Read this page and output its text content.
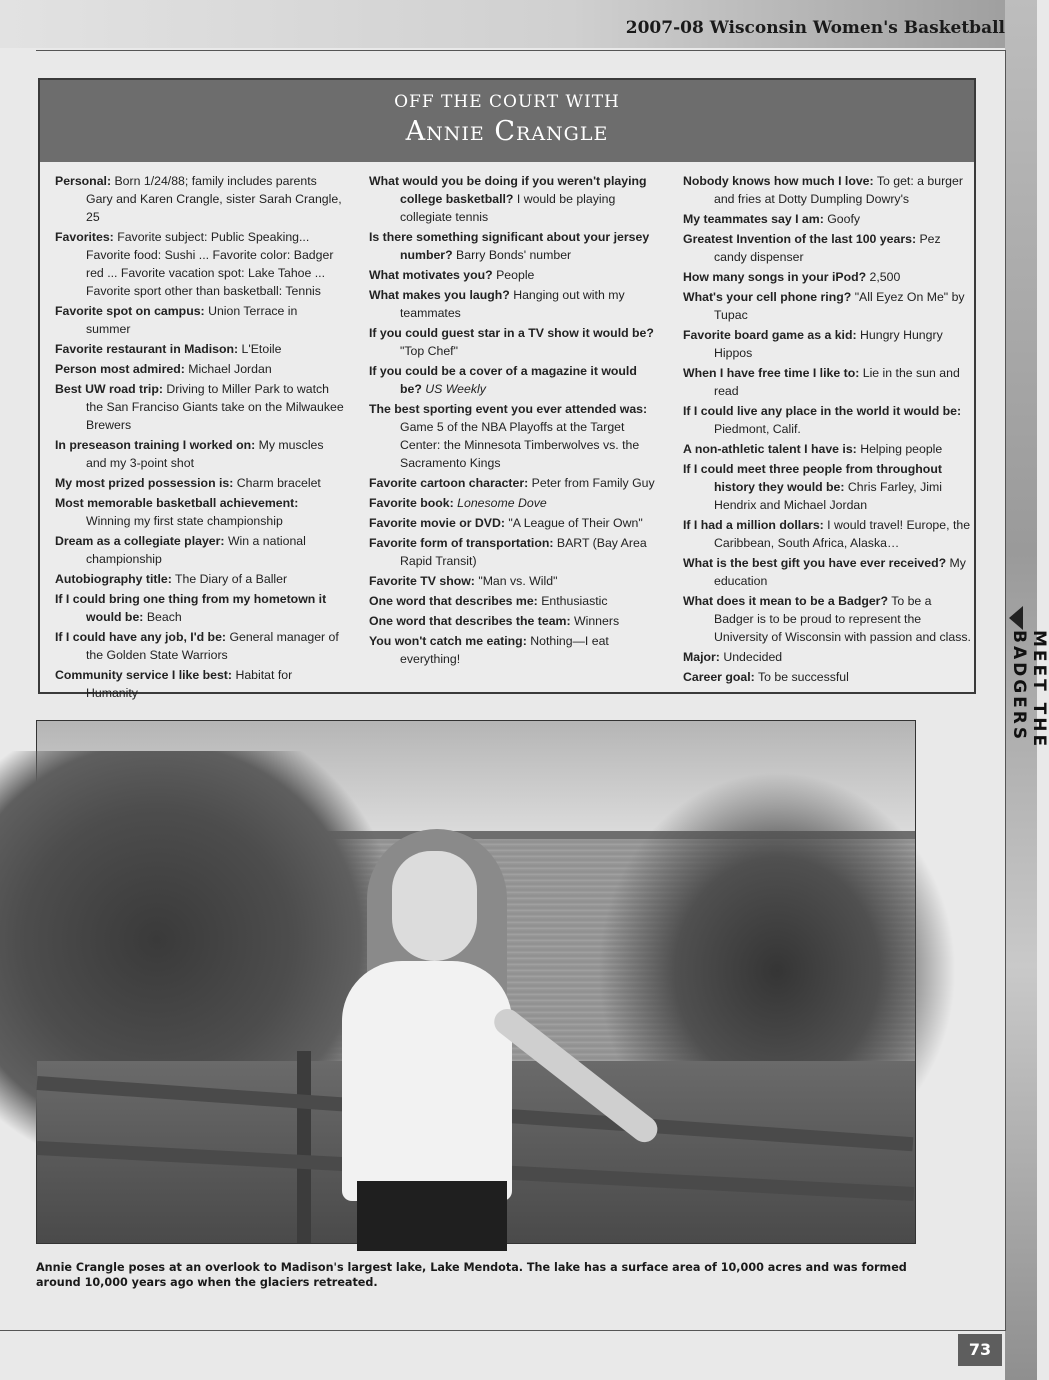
2007-08 Wisconsin Women's Basketball
OFF THE COURT WITH
Annie Crangle
Personal: Born 1/24/88; family includes parents Gary and Karen Crangle, sister Sarah Crangle, 25
Favorites: Favorite subject: Public Speaking... Favorite food: Sushi ... Favorite color: Badger red ... Favorite vacation spot: Lake Tahoe ... Favorite sport other than basketball: Tennis
Favorite spot on campus: Union Terrace in summer
Favorite restaurant in Madison: L'Etoile
Person most admired: Michael Jordan
Best UW road trip: Driving to Miller Park to watch the San Franciso Giants take on the Milwaukee Brewers
In preseason training I worked on: My muscles and my 3-point shot
My most prized possession is: Charm bracelet
Most memorable basketball achievement: Winning my first state championship
Dream as a collegiate player: Win a national championship
Autobiography title: The Diary of a Baller
If I could bring one thing from my hometown it would be: Beach
If I could have any job, I'd be: General manager of the Golden State Warriors
Community service I like best: Habitat for Humanity
What would you be doing if you weren't playing college basketball? I would be playing collegiate tennis
Is there something significant about your jersey number? Barry Bonds' number
What motivates you? People
What makes you laugh? Hanging out with my teammates
If you could guest star in a TV show it would be? "Top Chef"
If you could be a cover of a magazine it would be? US Weekly
The best sporting event you ever attended was: Game 5 of the NBA Playoffs at the Target Center: the Minnesota Timberwolves vs. the Sacramento Kings
Favorite cartoon character: Peter from Family Guy
Favorite book: Lonesome Dove
Favorite movie or DVD: "A League of Their Own"
Favorite form of transportation: BART (Bay Area Rapid Transit)
Favorite TV show: "Man vs. Wild"
One word that describes me: Enthusiastic
One word that describes the team: Winners
You won't catch me eating: Nothing—I eat everything!
Nobody knows how much I love: To get: a burger and fries at Dotty Dumpling Dowry's
My teammates say I am: Goofy
Greatest Invention of the last 100 years: Pez candy dispenser
How many songs in your iPod? 2,500
What's your cell phone ring? "All Eyez On Me" by Tupac
Favorite board game as a kid: Hungry Hungry Hippos
When I have free time I like to: Lie in the sun and read
If I could live any place in the world it would be: Piedmont, Calif.
A non-athletic talent I have is: Helping people
If I could meet three people from throughout history they would be: Chris Farley, Jimi Hendrix and Michael Jordan
If I had a million dollars: I would travel! Europe, the Caribbean, South Africa, Alaska…
What is the best gift you have ever received? My education
What does it mean to be a Badger? To be a Badger is to be proud to represent the University of Wisconsin with passion and class.
Major: Undecided
Career goal: To be successful
Annie Crangle poses at an overlook to Madison's largest lake, Lake Mendota. The lake has a surface area of 10,000 acres and was formed around 10,000 years ago when the glaciers retreated.
MEET THE BADGERS
73
